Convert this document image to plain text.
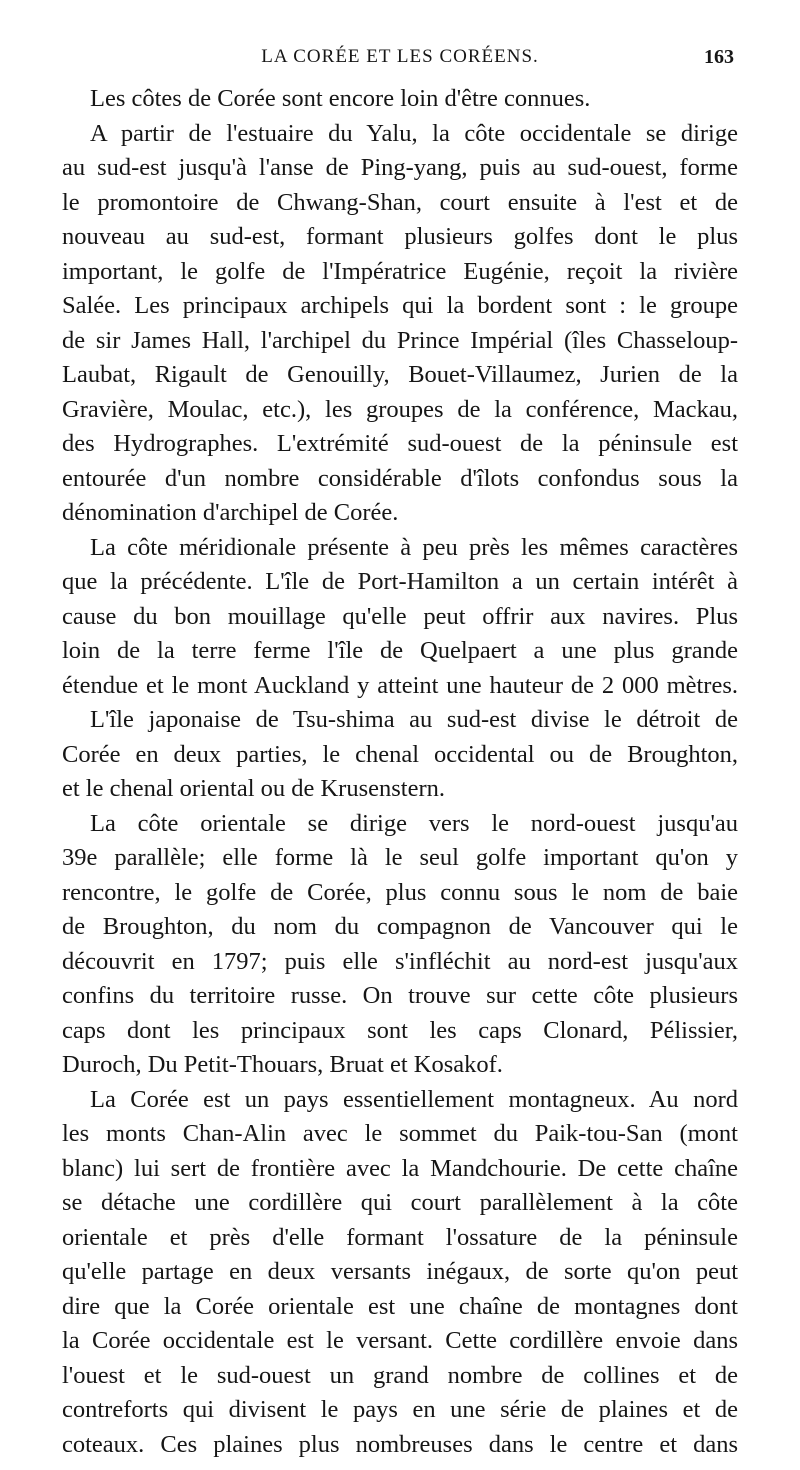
LA CORÉE ET LES CORÉENS.	163
Les côtes de Corée sont encore loin d'être connues.
A partir de l'estuaire du Yalu, la côte occidentale se dirige
au sud-est jusqu'à l'anse de Ping-yang, puis au sud-ouest, forme
le promontoire de Chwang-Shan, court ensuite à l'est et de
nouveau au sud-est, formant plusieurs golfes dont le plus
important, le golfe de l'Impératrice Eugénie, reçoit la rivière
Salée. Les principaux archipels qui la bordent sont : le groupe
de sir James Hall, l'archipel du Prince Impérial (îles Chasseloup-
Laubat, Rigault de Genouilly, Bouet-Villaumez, Jurien de la
Gravière, Moulac, etc.), les groupes de la conférence, Mackau,
des Hydrographes. L'extrémité sud-ouest de la péninsule est
entourée d'un nombre considérable d'îlots confondus sous la
dénomination d'archipel de Corée.
La côte méridionale présente à peu près les mêmes caractères
que la précédente. L'île de Port-Hamilton a un certain intérêt à
cause du bon mouillage qu'elle peut offrir aux navires. Plus
loin de la terre ferme l'île de Quelpaert a une plus grande
étendue et le mont Auckland y atteint une hauteur de 2 000 mètres.
L'île japonaise de Tsu-shima au sud-est divise le détroit de
Corée en deux parties, le chenal occidental ou de Broughton,
et le chenal oriental ou de Krusenstern.
La côte orientale se dirige vers le nord-ouest jusqu'au
39e parallèle; elle forme là le seul golfe important qu'on y
rencontre, le golfe de Corée, plus connu sous le nom de baie
de Broughton, du nom du compagnon de Vancouver qui le
découvrit en 1797; puis elle s'infléchit au nord-est jusqu'aux
confins du territoire russe. On trouve sur cette côte plusieurs
caps dont les principaux sont les caps Clonard, Pélissier,
Duroch, Du Petit-Thouars, Bruat et Kosakof.
La Corée est un pays essentiellement montagneux. Au nord
les monts Chan-Alin avec le sommet du Paik-tou-San (mont
blanc) lui sert de frontière avec la Mandchourie. De cette chaîne
se détache une cordillère qui court parallèlement à la côte
orientale et près d'elle formant l'ossature de la péninsule
qu'elle partage en deux versants inégaux, de sorte qu'on peut
dire que la Corée orientale est une chaîne de montagnes dont
la Corée occidentale est le versant. Cette cordillère envoie dans
l'ouest et le sud-ouest un grand nombre de collines et de
contreforts qui divisent le pays en une série de plaines et de
coteaux. Ces plaines plus nombreuses dans le centre et dans
